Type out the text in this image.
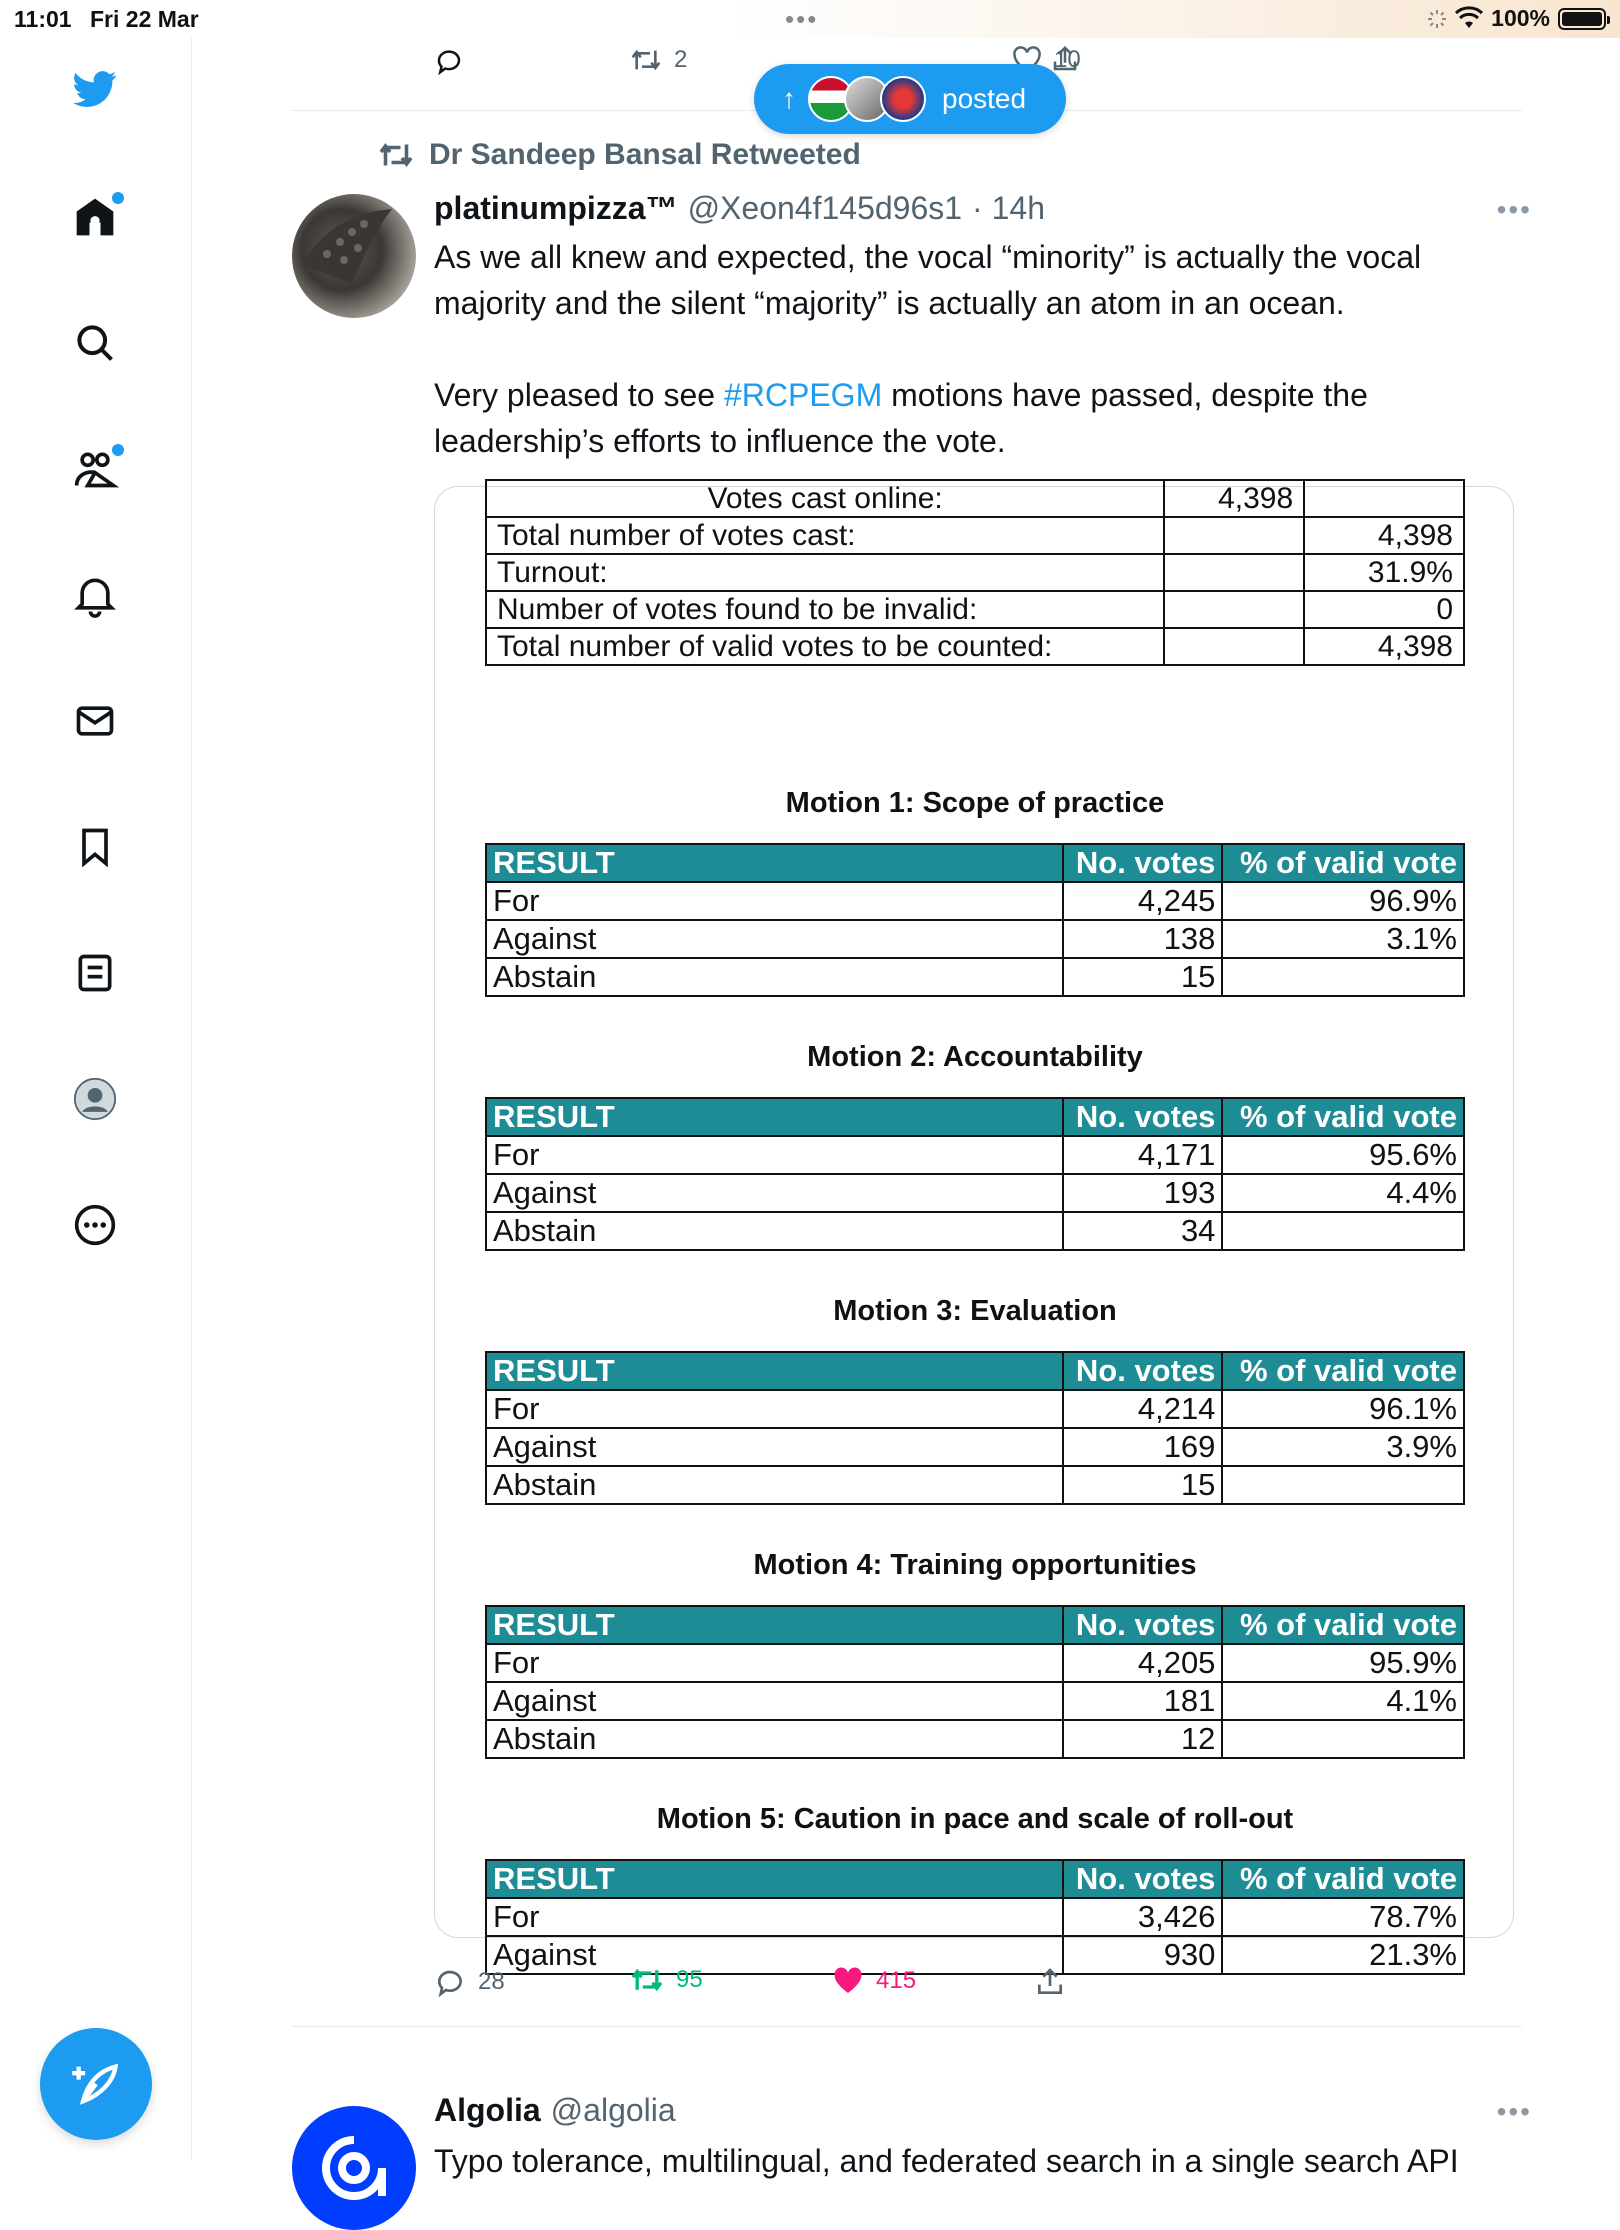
11:01 Fri 22 Mar	•••	100%
2	10
↑	posted
Dr Sandeep Bansal Retweeted
platinumpizza™ @Xeon4f145d96s1 · 14h	•••

As we all knew and expected, the vocal “minority” is actually the vocal majority and the silent “majority” is actually an atom in an ocean.

Very pleased to see #RCPEGM motions have passed, despite the leadership’s efforts to influence the vote.

Votes cast online:	4,398	
Total number of votes cast:		4,398
Turnout:		31.9%
Number of votes found to be invalid:		0
Total number of valid votes to be counted:		4,398
Motion 1: Scope of practice
RESULT	No. votes	% of valid vote
For	4,245	96.9%
Against	138	3.1%
Abstain	15	
Motion 2: Accountability
RESULT	No. votes	% of valid vote
For	4,171	95.6%
Against	193	4.4%
Abstain	34	
Motion 3: Evaluation
RESULT	No. votes	% of valid vote
For	4,214	96.1%
Against	169	3.9%
Abstain	15	
Motion 4: Training opportunities
RESULT	No. votes	% of valid vote
For	4,205	95.9%
Against	181	4.1%
Abstain	12	
Motion 5: Caution in pace and scale of roll-out
RESULT	No. votes	% of valid vote
For	3,426	78.7%
Against	930	21.3%
28	95	415
Algolia @algolia	•••
Typo tolerance, multilingual, and federated search in a single search API
